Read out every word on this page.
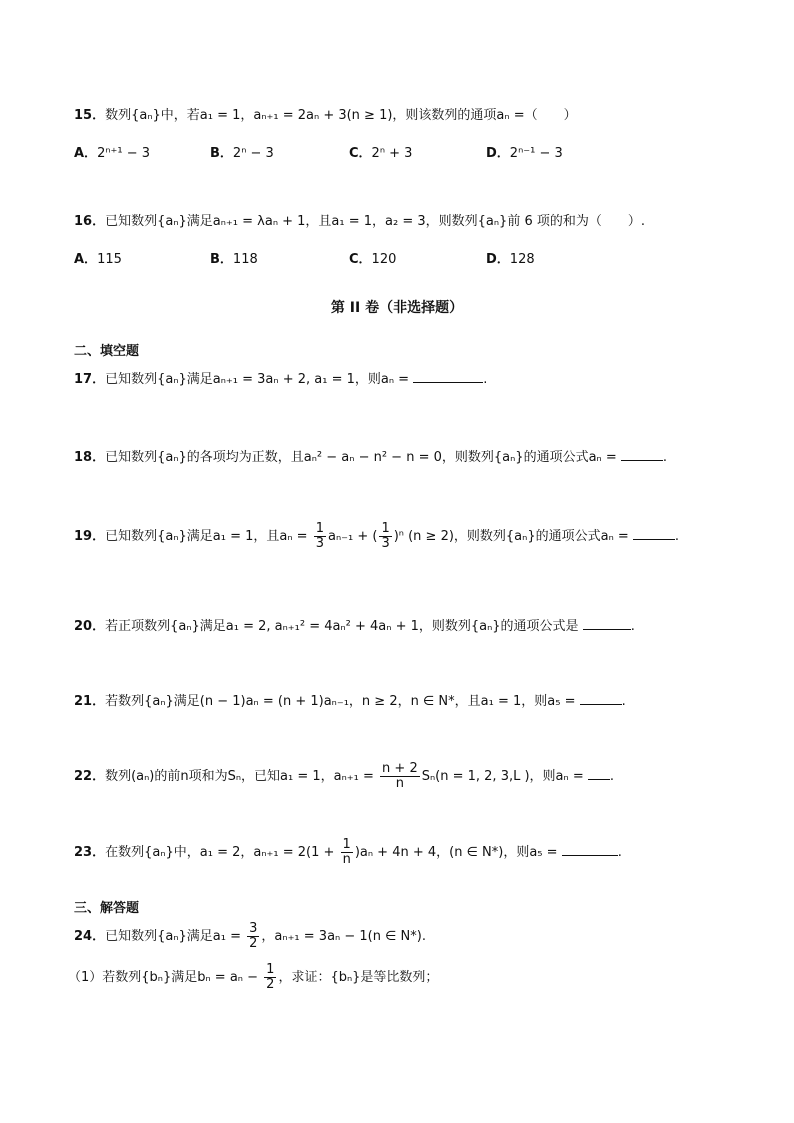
15．数列{aₙ}中，若a₁ = 1，aₙ₊₁ = 2aₙ + 3(n ≥ 1)，则该数列的通项aₙ =（　　）
A．2ⁿ⁺¹ − 3	B．2ⁿ − 3	C．2ⁿ + 3	D．2ⁿ⁻¹ − 3
16．已知数列{aₙ}满足aₙ₊₁ = λaₙ + 1，且a₁ = 1，a₂ = 3，则数列{aₙ}前 6 项的和为（　　）.
A．115	B．118	C．120	D．128
第 II 卷（非选择题）
二、填空题
17．已知数列{aₙ}满足aₙ₊₁ = 3aₙ + 2, a₁ = 1，则aₙ =	.
18．已知数列{aₙ}的各项均为正数，且aₙ² − aₙ − n² − n = 0，则数列{aₙ}的通项公式aₙ =	.
19．已知数列{aₙ}满足a₁ = 1，且$a_n = \frac{1}{3} a_{n-1}$ + ( $\frac{1}{3} )^n$ (n ≥ 2)，则数列{aₙ}的通项公式aₙ =	.
20．若正项数列{aₙ}满足a₁ = 2, aₙ₊₁² = 4aₙ² + 4aₙ + 1，则数列{aₙ}的通项公式是	.
21．若数列{aₙ}满足(n − 1)aₙ = (n + 1)aₙ₋₁，n ≥ 2，n ∈ N*，且a₁ = 1，则a₅ =	.
22．数列(aₙ)的前n项和为Sₙ，已知a₁ = 1，$a_{n+1} = \frac{n + 2}{n} S_n(n = 1$, 2, 3,L )，则aₙ = .
23．在数列{aₙ}中，a₁ = 2，$a_{n+1} = 2(1 + \frac{1}{n} )a_n + 4n + 4$，(n ∈ N*)，则a₅ =	.
三、解答题
24．已知数列{aₙ}满足$a_1 = \frac{3}{2}$ ，aₙ₊₁ = 3aₙ − 1(n ∈ N*).
（1）若数列{bₙ}满足$b_n = a_n - \frac{1}{2}$ ，求证：{bₙ}是等比数列；
